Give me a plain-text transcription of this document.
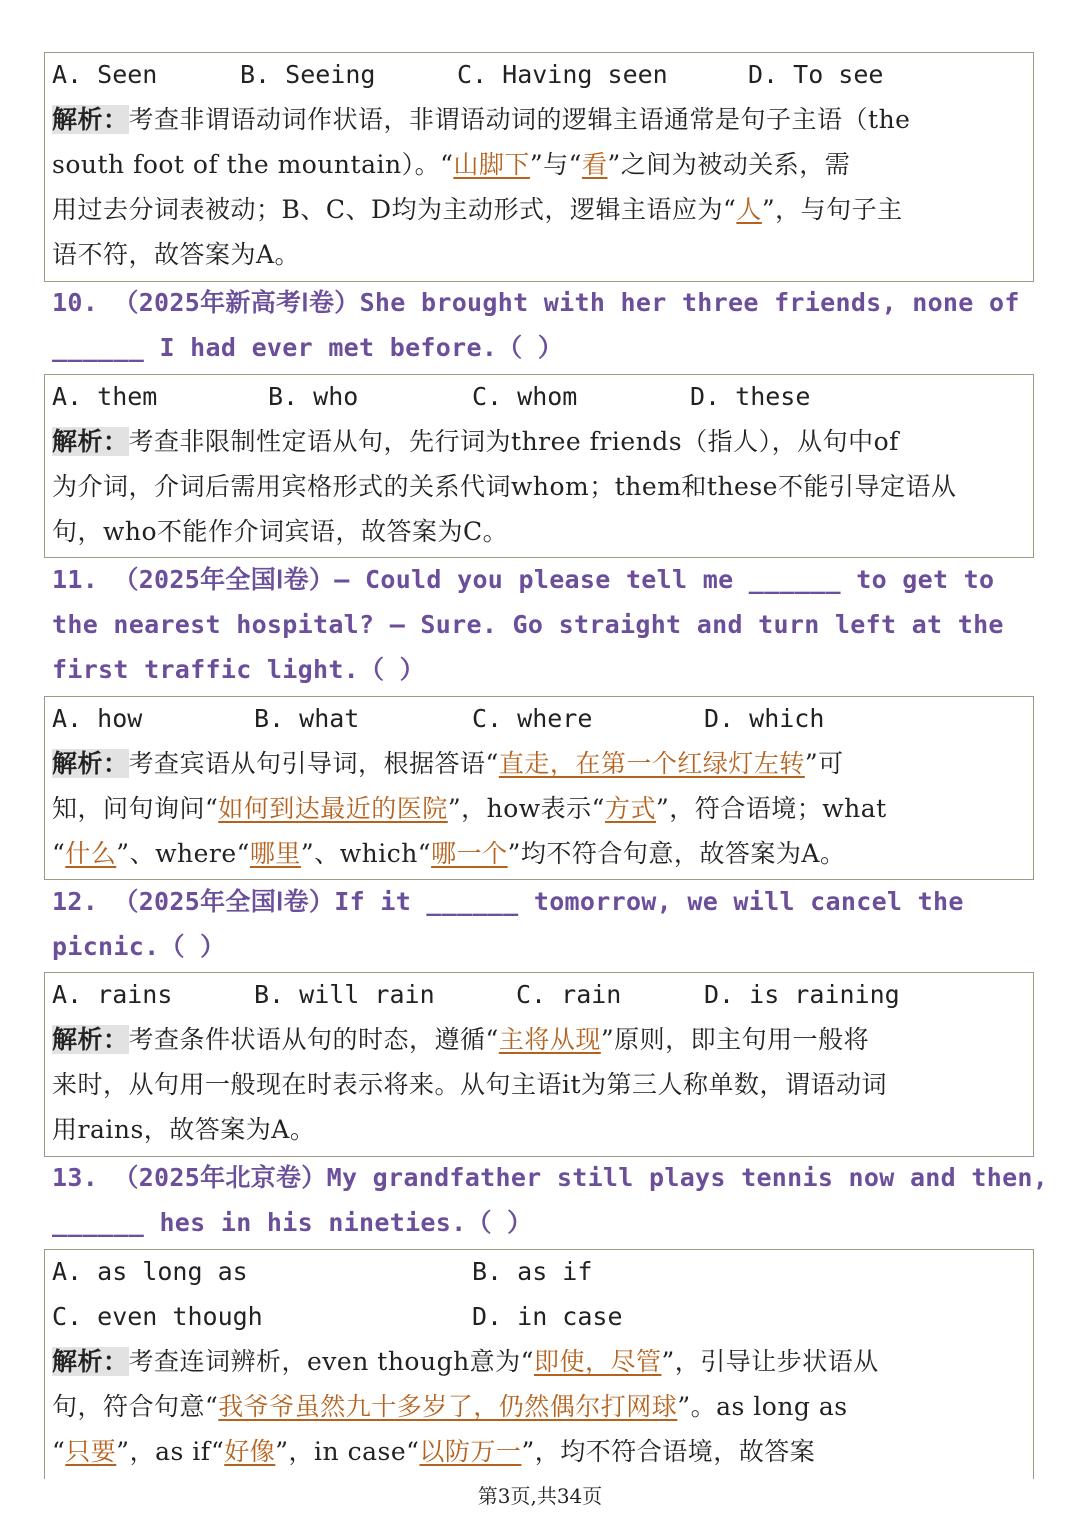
A. Seen	B. Seeing	C. Having seen	D. To see
解析：考查非谓语动词作状语，非谓语动词的逻辑主语通常是句子主语（the
south foot of the mountain）。“山脚下”与“看”之间为被动关系，需
用过去分词表被动；B、C、D均为主动形式，逻辑主语应为“人”，与句子主
语不符，故答案为A。
10. （2025年新高考Ⅰ卷）She brought with her three friends, none of
______ I had ever met before.（ ）
A. them	B. who	C. whom	D. these
解析：考查非限制性定语从句，先行词为three friends（指人），从句中of
为介词，介词后需用宾格形式的关系代词whom；them和these不能引导定语从
句，who不能作介词宾语，故答案为C。
11. （2025年全国Ⅰ卷）— Could you please tell me ______ to get to
the nearest hospital? — Sure. Go straight and turn left at the
first traffic light.（ ）
A. how	B. what	C. where	D. which
解析：考查宾语从句引导词，根据答语“直走，在第一个红绿灯左转”可
知，问句询问“如何到达最近的医院”，how表示“方式”，符合语境；what
“什么”、where“哪里”、which“哪一个”均不符合句意，故答案为A。
12. （2025年全国Ⅰ卷）If it ______ tomorrow, we will cancel the
picnic.（ ）
A. rains	B. will rain	C. rain	D. is raining
解析：考查条件状语从句的时态，遵循“主将从现”原则，即主句用一般将
来时，从句用一般现在时表示将来。从句主语it为第三人称单数，谓语动词
用rains，故答案为A。
13. （2025年北京卷）My grandfather still plays tennis now and then,
______ hes in his nineties.（ ）
A. as long as	B. as if
C. even though	D. in case
解析：考查连词辨析，even though意为“即使，尽管”，引导让步状语从
句，符合句意“我爷爷虽然九十多岁了，仍然偶尔打网球”。as long as
“只要”，as if“好像”，in case“以防万一”，均不符合语境，故答案
第3页,共34页
